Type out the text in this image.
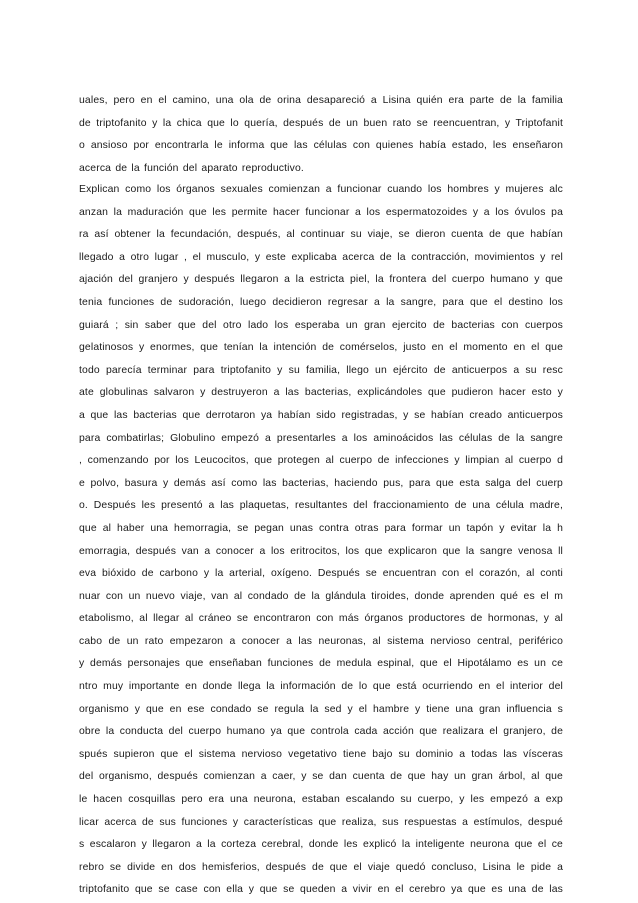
uales, pero en el camino, una ola de orina desapareció a Lisina quién era parte de la familia
de triptofanito y la chica que lo quería, después de un buen rato se reencuentran, y Triptofanit
o ansioso por encontrarla le informa que las células con quienes había estado, les enseñaron
acerca de la función del aparato reproductivo.
Explican como los órganos sexuales comienzan a funcionar cuando los hombres y mujeres alc
anzan la maduración que les permite hacer funcionar a los espermatozoides y a los óvulos pa
ra así obtener la fecundación, después, al continuar su viaje, se dieron cuenta de que habían
llegado a otro lugar , el musculo, y este explicaba acerca de la contracción, movimientos y rel
ajación del granjero y después llegaron a la estricta piel, la frontera del cuerpo humano y que
tenia funciones de sudoración, luego decidieron regresar a la sangre, para que el destino los
guiará ; sin saber que del otro lado los esperaba un gran ejercito de bacterias con cuerpos
gelatinosos y enormes, que tenían la intención de comérselos, justo en el momento en el que
todo parecía terminar para triptofanito y su familia, llego un ejército de anticuerpos a su resc
ate globulinas salvaron y destruyeron a las bacterias, explicándoles que pudieron hacer esto y
a que las bacterias que derrotaron ya habían sido registradas, y se habían creado anticuerpos
para combatirlas; Globulino empezó a presentarles a los aminoácidos las células de la sangre
, comenzando por los Leucocitos, que protegen al cuerpo de infecciones y limpian al cuerpo d
e polvo, basura y demás así como las bacterias, haciendo pus, para que esta salga del cuerp
o. Después les presentó a las plaquetas, resultantes del fraccionamiento de una célula madre,
que al haber una hemorragia, se pegan unas contra otras para formar un tapón y evitar la h
emorragia, después van a conocer a los eritrocitos, los que explicaron que la sangre venosa ll
eva bióxido de carbono y la arterial, oxígeno. Después se encuentran con el corazón, al conti
nuar con un nuevo viaje, van al condado de la glándula tiroides, donde aprenden qué es el m
etabolismo, al llegar al cráneo se encontraron con más órganos productores de hormonas, y al
cabo de un rato empezaron a conocer a las neuronas, al sistema nervioso central, periférico
y demás personajes que enseñaban funciones de medula espinal, que el Hipotálamo es un ce
ntro muy importante en donde llega la información de lo que está ocurriendo en el interior del
organismo y que en ese condado se regula la sed y el hambre y tiene una gran influencia s
obre la conducta del cuerpo humano ya que controla cada acción que realizara el granjero, de
spués supieron que el sistema nervioso vegetativo tiene bajo su dominio a todas las vísceras
del organismo, después comienzan a caer, y se dan cuenta de que hay un gran árbol, al que
le hacen cosquillas pero era una neurona, estaban escalando su cuerpo, y les empezó a exp
licar acerca de sus funciones y características que realiza, sus respuestas a estímulos, despué
s escalaron y llegaron a la corteza cerebral, donde les explicó la inteligente neurona que el ce
rebro se divide en dos hemisferios, después de que el viaje quedó concluso, Lisina le pide a
triptofanito que se case con ella y que se queden a vivir en el cerebro ya que es una de las
